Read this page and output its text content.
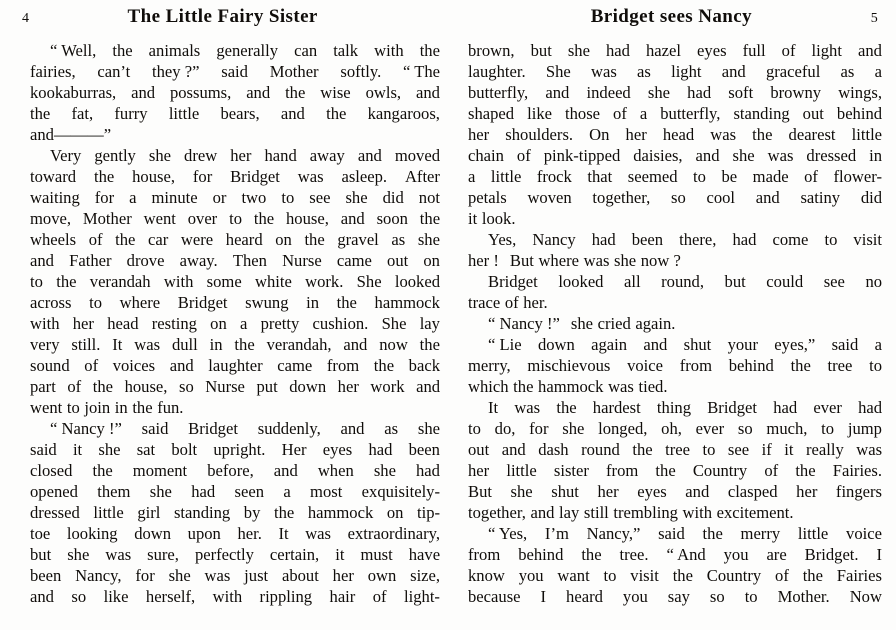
4	The Little Fairy Sister	Bridget sees Nancy	5

“ Well, the animals generally can talk with the
fairies, can’t they ?” said Mother softly. “ The
kookaburras, and possums, and the wise owls, and
the fat, furry little bears, and the kangaroos,
and———”

Very gently she drew her hand away and moved
toward the house, for Bridget was asleep. After
waiting for a minute or two to see she did not
move, Mother went over to the house, and soon the
wheels of the car were heard on the gravel as she
and Father drove away. Then Nurse came out on
to the verandah with some white work. She looked
across to where Bridget swung in the hammock
with her head resting on a pretty cushion. She lay
very still. It was dull in the verandah, and now the
sound of voices and laughter came from the back
part of the house, so Nurse put down her work and
went to join in the fun.

“ Nancy !” said Bridget suddenly, and as she
said it she sat bolt upright. Her eyes had been
closed the moment before, and when she had
opened them she had seen a most exquisitely-
dressed little girl standing by the hammock on tip-
toe looking down upon her. It was extraordinary,
but she was sure, perfectly certain, it must have
been Nancy, for she was just about her own size,
and so like herself, with rippling hair of light-

brown, but she had hazel eyes full of light and
laughter. She was as light and graceful as a
butterfly, and indeed she had soft browny wings,
shaped like those of a butterfly, standing out behind
her shoulders. On her head was the dearest little
chain of pink-tipped daisies, and she was dressed in
a little frock that seemed to be made of flower-
petals woven together, so cool and satiny did
it look.

Yes, Nancy had been there, had come to visit
her ! But where was she now ?

Bridget looked all round, but could see no
trace of her.

“ Nancy !” she cried again.

“ Lie down again and shut your eyes,” said a
merry, mischievous voice from behind the tree to
which the hammock was tied.

It was the hardest thing Bridget had ever had
to do, for she longed, oh, ever so much, to jump
out and dash round the tree to see if it really was
her little sister from the Country of the Fairies.
But she shut her eyes and clasped her fingers
together, and lay still trembling with excitement.

“ Yes, I’m Nancy,” said the merry little voice
from behind the tree. “ And you are Bridget. I
know you want to visit the Country of the Fairies
because I heard you say so to Mother. Now
